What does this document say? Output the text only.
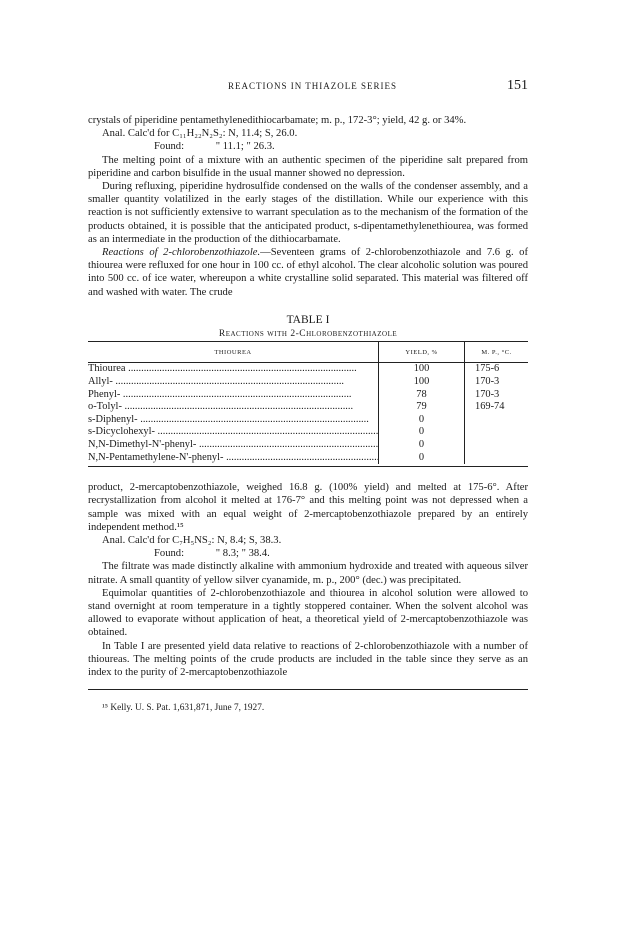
REACTIONS IN THIAZOLE SERIES	151

crystals of piperidine pentamethylenedithiocarbamate; m. p., 172-3°; yield, 42 g. or 34%.

Anal. Calc'd for C₁₁H₂₂N₂S₂: N, 11.4; S, 26.0.

Found:            " 11.1; " 26.3.

The melting point of a mixture with an authentic specimen of the piperidine salt prepared from piperidine and carbon bisulfide in the usual manner showed no depression.

During refluxing, piperidine hydrosulfide condensed on the walls of the condenser assembly, and a smaller quantity volatilized in the early stages of the distillation. While our experience with this reaction is not sufficiently extensive to warrant speculation as to the mechanism of the formation of the products obtained, it is possible that the anticipated product, s-dipentamethylenethiourea, was formed as an intermediate in the production of the dithiocarbamate.

Reactions of 2-chlorobenzothiazole.—Seventeen grams of 2-chlorobenzothiazole and 7.6 g. of thiourea were refluxed for one hour in 100 cc. of ethyl alcohol. The clear alcoholic solution was poured into 500 cc. of ice water, whereupon a white crystalline solid separated. This material was filtered off and washed with water. The crude

TABLE I
Reactions with 2-Chlorobenzothiazole
THIOUREA	YIELD, %	M. P., °C.
Thiourea .....	100	175-6
Allyl- .....	100	170-3
Phenyl- .....	78	170-3
o-Tolyl- .....	79	169-74
s-Diphenyl- .....	0
s-Dicyclohexyl- .....	0
N,N-Dimethyl-N'-phenyl- .....	0
N,N-Pentamethylene-N'-phenyl- .....	0

product, 2-mercaptobenzothiazole, weighed 16.8 g. (100% yield) and melted at 175-6°. After recrystallization from alcohol it melted at 176-7° and this melting point was not depressed when a sample was mixed with an equal weight of 2-mercaptobenzothiazole prepared by an entirely independent method.¹⁵

Anal. Calc'd for C₇H₅NS₂: N, 8.4; S, 38.3.

Found:            " 8.3; " 38.4.

The filtrate was made distinctly alkaline with ammonium hydroxide and treated with aqueous silver nitrate. A small quantity of yellow silver cyanamide, m. p., 200° (dec.) was precipitated.

Equimolar quantities of 2-chlorobenzothiazole and thiourea in alcohol solution were allowed to stand overnight at room temperature in a tightly stoppered container. When the solvent alcohol was allowed to evaporate without application of heat, a theoretical yield of 2-mercaptobenzothiazole was obtained.

In Table I are presented yield data relative to reactions of 2-chlorobenzothiazole with a number of thioureas. The melting points of the crude products are included in the table since they serve as an index to the purity of 2-mercaptobenzothiazole

¹⁵ Kelly. U. S. Pat. 1,631,871, June 7, 1927.
